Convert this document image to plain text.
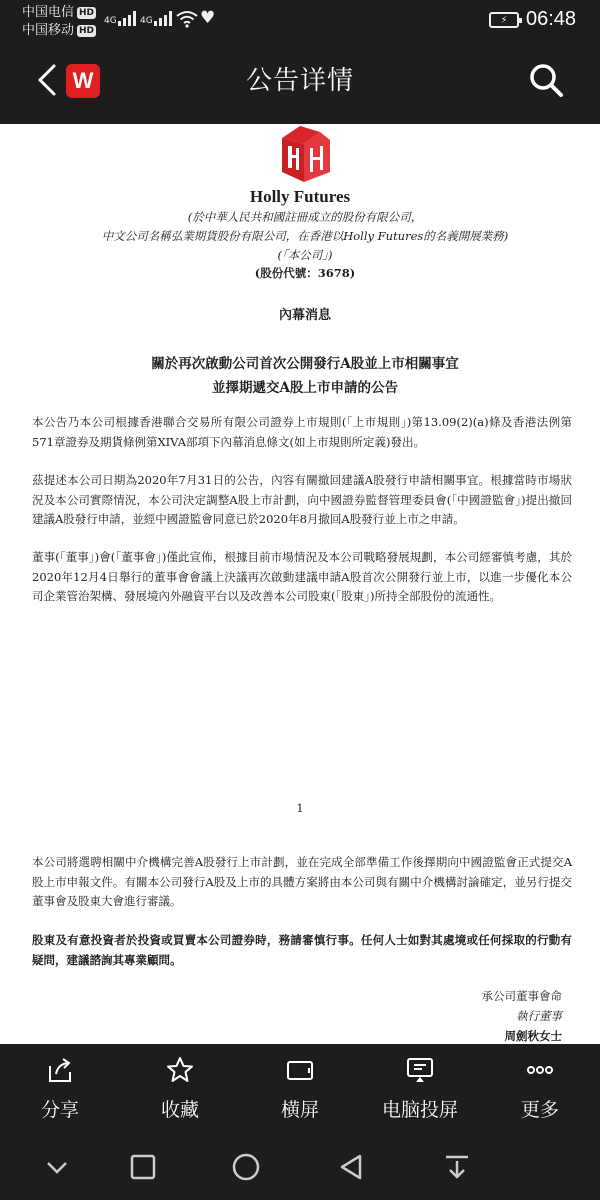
中国电信 HD
中国移动 HD
4G	4G	♥	⚡ 06:48
W	公告详情
Holly Futures
(於中華人民共和國註冊成立的股份有限公司，
中文公司名稱弘業期貨股份有限公司，在香港以Holly Futures的名義開展業務)
(「本公司」)
(股份代號：3678)
內幕消息
關於再次啟動公司首次公開發行A股並上市相關事宜
並擇期遞交A股上市申請的公告

本公告乃本公司根據香港聯合交易所有限公司證券上市規則(「上市規則」)第13.09(2)(a)條及香港法例第571章證券及期貨條例第XIVA部項下內幕消息條文(如上市規則所定義)發出。

茲提述本公司日期為2020年7月31日的公告，內容有關撤回建議A股發行申請相關事宜。根據當時市場狀況及本公司實際情況，本公司決定調整A股上市計劃，向中國證券監督管理委員會(「中國證監會」)提出撤回建議A股發行申請，並經中國證監會同意已於2020年8月撤回A股發行並上市之申請。

董事(「董事」)會(「董事會」)僅此宣佈，根據目前市場情況及本公司戰略發展規劃，本公司經審慎考慮，其於2020年12月4日舉行的董事會會議上決議再次啟動建議申請A股首次公開發行並上市，以進一步優化本公司企業管治架構、發展境內外融資平台以及改善本公司股東(「股東」)所持全部股份的流通性。

1

本公司將選聘相關中介機構完善A股發行上市計劃，並在完成全部準備工作後擇期向中國證監會正式提交A股上市申報文件。有關本公司發行A股及上市的具體方案將由本公司與有關中介機構討論確定，並另行提交董事會及股東大會進行審議。

股東及有意投資者於投資或買賣本公司證券時，務請審慎行事。任何人士如對其處境或任何採取的行動有疑問，建議諮詢其專業顧問。

承公司董事會命
執行董事
周劍秋女士
分享	收藏	横屏	电脑投屏	更多
